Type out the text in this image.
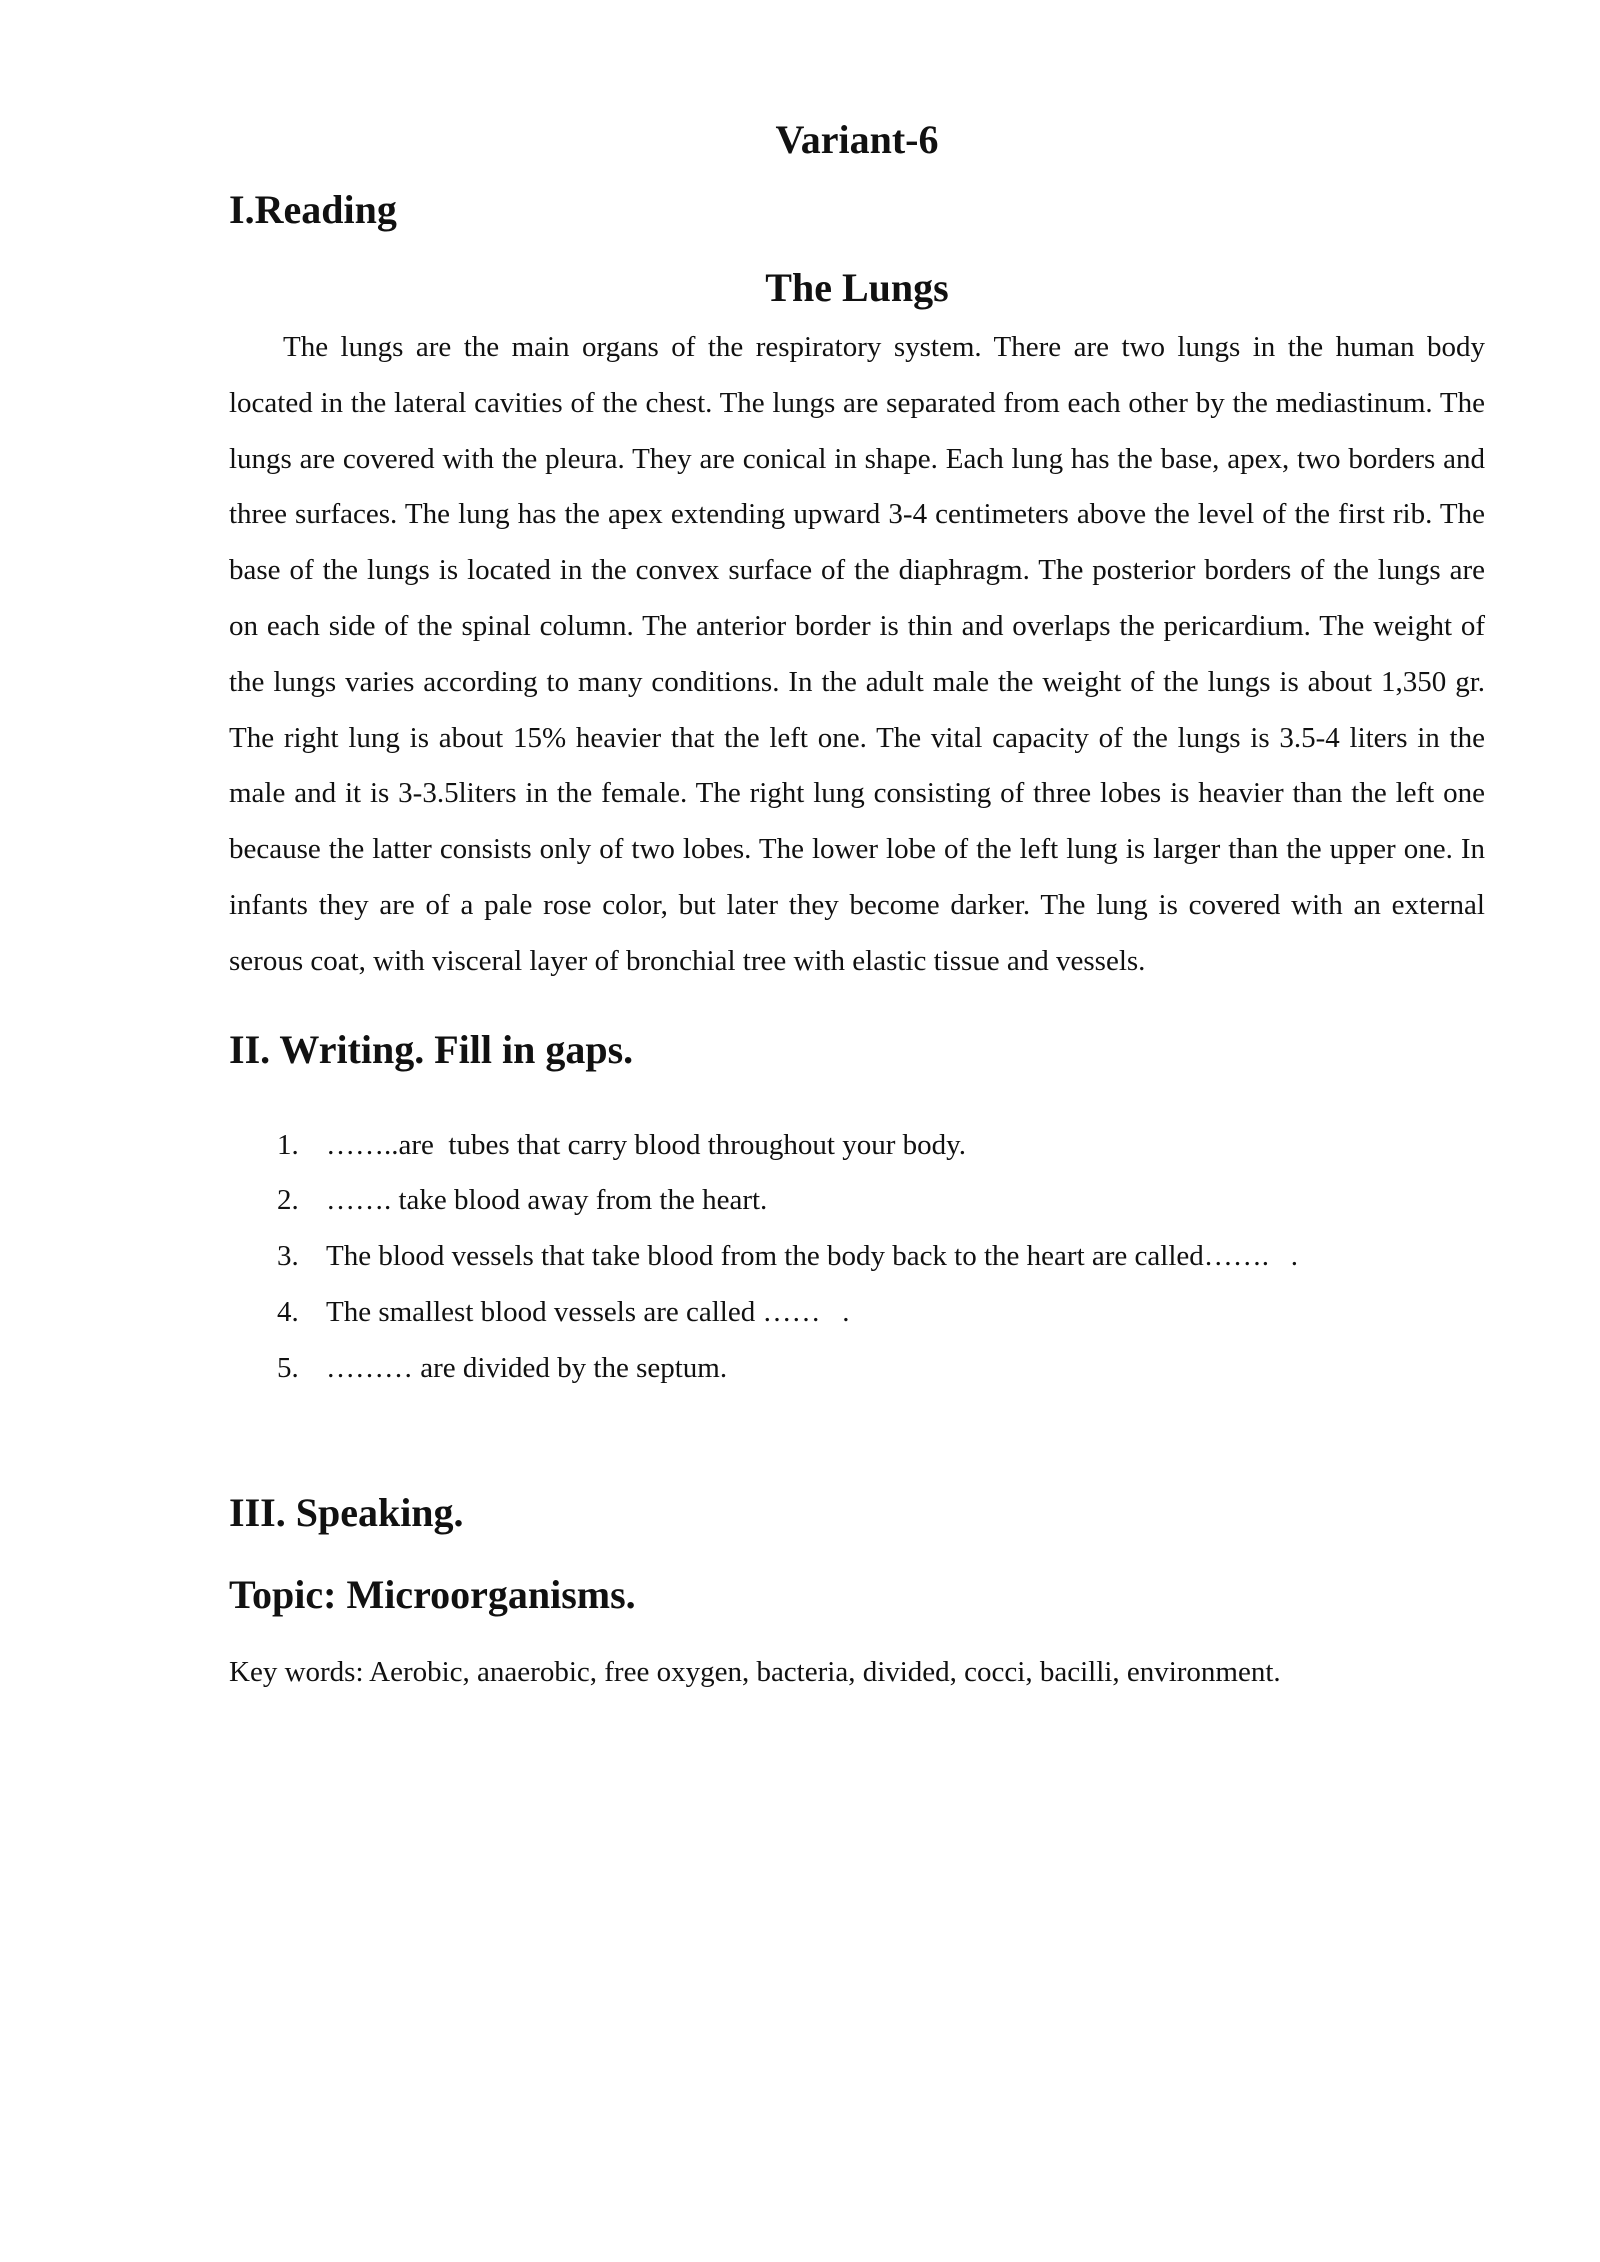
Variant-6
I.Reading
The Lungs

The lungs are the main organs of the respiratory system. There are two lungs in the human body located in the lateral cavities of the chest. The lungs are separated from each other by the mediastinum. The lungs are covered with the pleura. They are conical in shape. Each lung has the base, apex, two borders and three surfaces. The lung has the apex extending upward 3-4 centimeters above the level of the first rib. The base of the lungs is located in the convex surface of the diaphragm. The posterior borders of the lungs are on each side of the spinal column. The anterior border is thin and overlaps the pericardium. The weight of the lungs varies according to many conditions. In the adult male the weight of the lungs is about 1,350 gr. The right lung is about 15% heavier that the left one. The vital capacity of the lungs is 3.5-4 liters in the male and it is 3-3.5liters in the female. The right lung consisting of three lobes is heavier than the left one because the latter consists only of two lobes. The lower lobe of the left lung is larger than the upper one. In infants they are of a pale rose color, but later they become darker. The lung is covered with an external serous coat, with visceral layer of bronchial tree with elastic tissue and vessels.

II. Writing. Fill in gaps.
1. ……..are  tubes that carry blood throughout your body.
2. ……. take blood away from the heart.
3. The blood vessels that take blood from the body back to the heart are called…….   .
4. The smallest blood vessels are called ……   .
5. ……… are divided by the septum.
III. Speaking.
Topic: Microorganisms.

Key words: Aerobic, anaerobic, free oxygen, bacteria, divided, cocci, bacilli, environment.
